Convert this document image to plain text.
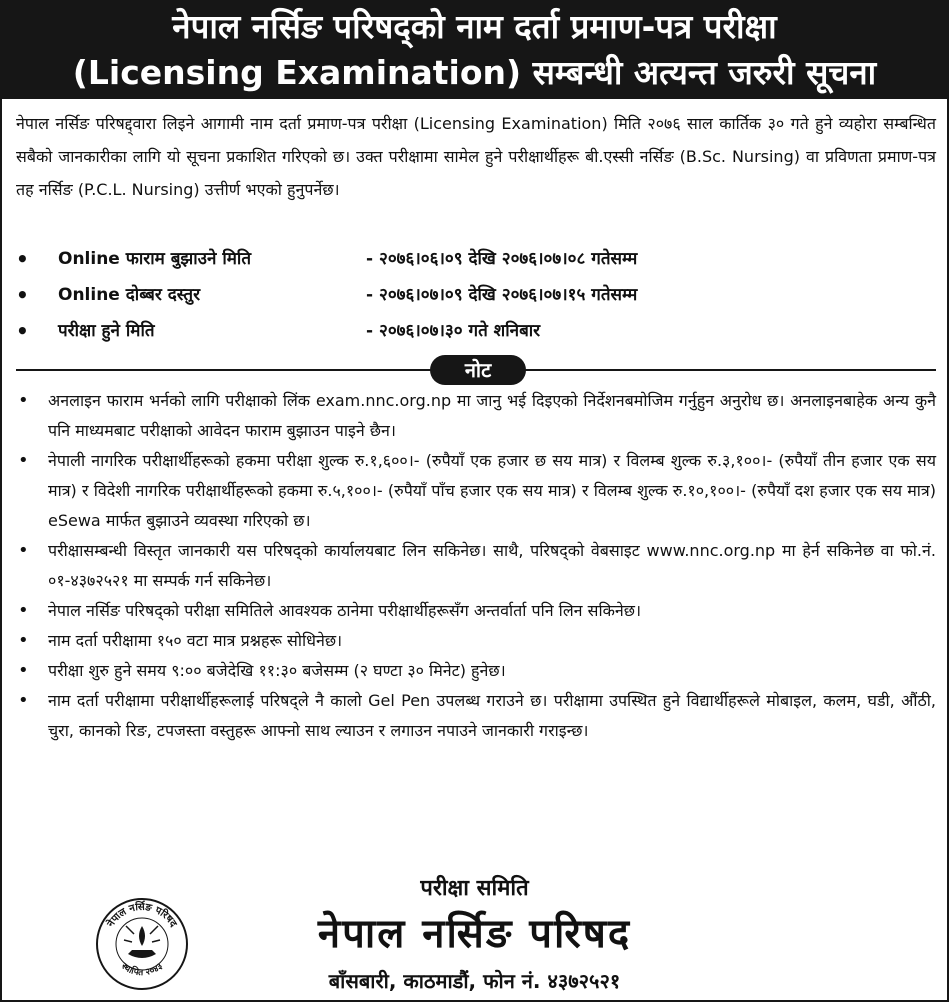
नेपाल नर्सिङ परिषद्को नाम दर्ता प्रमाण-पत्र परीक्षा
(Licensing Examination) सम्बन्धी अत्यन्त जरुरी सूचना
नेपाल नर्सिङ परिषद्द्वारा लिइने आगामी नाम दर्ता प्रमाण-पत्र परीक्षा (Licensing Examination) मिति २०७६ साल कार्तिक ३० गते हुने व्यहोरा सम्बन्धित सबैको जानकारीका लागि यो सूचना प्रकाशित गरिएको छ। उक्त परीक्षामा सामेल हुने परीक्षार्थीहरू बी.एस्सी नर्सिङ (B.Sc. Nursing) वा प्रविणता प्रमाण-पत्र तह नर्सिङ (P.C.L. Nursing) उत्तीर्ण भएको हुनुपर्नेछ।
• Online फाराम बुझाउने मिति	- २०७६।०६।०९ देखि २०७६।०७।०८ गतेसम्म
• Online दोब्बर दस्तुर	- २०७६।०७।०९ देखि २०७६।०७।१५ गतेसम्म
• परीक्षा हुने मिति	- २०७६।०७।३० गते शनिबार
नोट
• अनलाइन फाराम भर्नको लागि परीक्षाको लिंक exam.nnc.org.np मा जानु भई दिइएको निर्देशनबमोजिम गर्नुहुन अनुरोध छ। अनलाइनबाहेक अन्य कुनै पनि माध्यमबाट परीक्षाको आवेदन फाराम बुझाउन पाइने छैन।
• नेपाली नागरिक परीक्षार्थीहरूको हकमा परीक्षा शुल्क रु.१,६००।- (रुपैयाँ एक हजार छ सय मात्र) र विलम्ब शुल्क रु.३,१००।- (रुपैयाँ तीन हजार एक सय मात्र) र विदेशी नागरिक परीक्षार्थीहरूको हकमा रु.५,१००।- (रुपैयाँ पाँच हजार एक सय मात्र) र विलम्ब शुल्क रु.१०,१००।- (रुपैयाँ दश हजार एक सय मात्र) eSewa मार्फत बुझाउने व्यवस्था गरिएको छ।
• परीक्षासम्बन्धी विस्तृत जानकारी यस परिषद्को कार्यालयबाट लिन सकिनेछ। साथै, परिषद्को वेबसाइट www.nnc.org.np मा हेर्न सकिनेछ वा फो.नं. ०१-४३७२५२१ मा सम्पर्क गर्न सकिनेछ।
• नेपाल नर्सिङ परिषद्को परीक्षा समितिले आवश्यक ठानेमा परीक्षार्थीहरूसँग अन्तर्वार्ता पनि लिन सकिनेछ।
• नाम दर्ता परीक्षामा १५० वटा मात्र प्रश्नहरू सोधिनेछ।
• परीक्षा शुरु हुने समय ९:०० बजेदेखि ११:३० बजेसम्म (२ घण्टा ३० मिनेट) हुनेछ।
• नाम दर्ता परीक्षामा परीक्षार्थीहरूलाई परिषद्ले नै कालो Gel Pen उपलब्ध गराउने छ। परीक्षामा उपस्थित हुने विद्यार्थीहरूले मोबाइल, कलम, घडी, औंठी, चुरा, कानको रिङ, टपजस्ता वस्तुहरू आफ्नो साथ ल्याउन र लगाउन नपाउने जानकारी गराइन्छ।
परीक्षा समिति
नेपाल नर्सिङ परिषद
बाँसबारी, काठमाडौं, फोन नं. ४३७२५२१
नेपाल नर्सिङ परिषद
स्थापित २०४३
